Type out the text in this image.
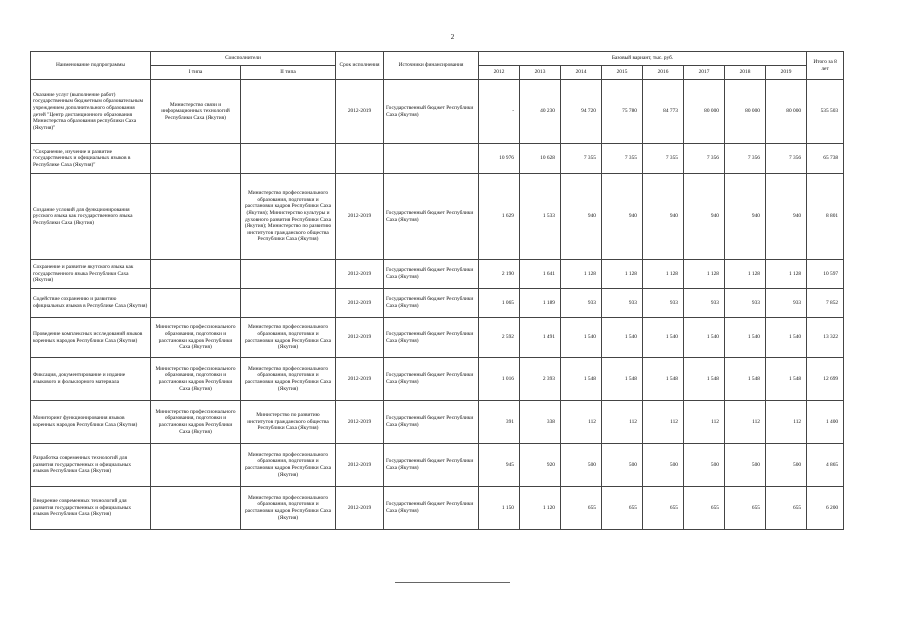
2
Наименование подпрограммы	Соисполнители		Срок исполнения	Источники финансирования	Базовый вариант, тыс. руб.								Итого за 8 лет
	I типа	II типа			2012	2013	2014	2015	2016	2017	2018	2019	
Оказание услуг (выполнение работ) государственным бюджетным образовательным учреждением дополнительного образования детей "Центр дистанционного образования Министерства образования республики Саха (Якутия)"	Министерство связи и информационных технологий Республики Саха (Якутия)		2012-2019	Государственный бюджет Республики Саха (Якутия)	-	40 230	94 720	75 780	84 773	80 000	80 000	80 000	535 503
"Сохранение, изучение и развитие государственных и официальных языков в Республике Саха (Якутия)"					10 976	10 628	7 355	7 355	7 355	7 356	7 356	7 356	65 738
Создание условий для функционирования русского языка как государственного языка Республики Саха (Якутия)		Министерство профессионального образования, подготовки и расстановки кадров Республики Саха (Якутия); Министерство культуры и духовного развития Республики Саха (Якутия); Министерство по развитию институтов гражданского общества Республики Саха (Якутия)	2012-2019	Государственный бюджет Республики Саха (Якутия)	1 629	1 533	940	940	940	940	940	940	8 801
Сохранение и развитие якутского языка как государственного языка Республики Саха (Якутия)			2012-2019	Государственный бюджет Республики Саха (Якутия)	2 190	1 641	1 128	1 128	1 128	1 128	1 128	1 128	10 597
Содействие сохранению и развитию официальных языков в Республике Саха (Якутия)			2012-2019	Государственный бюджет Республики Саха (Якутия)	1 065	1 189	933	933	933	933	933	933	7 852
Проведение комплексных исследований языков коренных народов Республики Саха (Якутия)	Министерство профессионального образования, подготовки и расстановки кадров Республики Саха (Якутия)	Министерство профессионального образования, подготовки и расстановки кадров Республики Саха (Якутия)	2012-2019	Государственный бюджет Республики Саха (Якутия)	2 592	1 491	1 540	1 540	1 540	1 540	1 540	1 540	13 322
Фиксация, документирование и издание языкового и фольклорного материала	Министерство профессионального образования, подготовки и расстановки кадров Республики Саха (Якутия)	Министерство профессионального образования, подготовки и расстановки кадров Республики Саха (Якутия)	2012-2019	Государственный бюджет Республики Саха (Якутия)	1 016	2 393	1 548	1 548	1 548	1 548	1 548	1 548	12 699
Мониторинг функционирования языков коренных народов Республики Саха (Якутия)	Министерство профессионального образования, подготовки и расстановки кадров Республики Саха (Якутия)	Министерство по развитию институтов гражданского общества Республики Саха (Якутия)	2012-2019	Государственный бюджет Республики Саха (Якутия)	391	338	112	112	112	112	112	112	1 400
Разработка современных технологий для развития государственных и официальных языков Республики Саха (Якутия)		Министерство профессионального образования, подготовки и расстановки кадров Республики Саха (Якутия)	2012-2019	Государственный бюджет Республики Саха (Якутия)	945	920	500	500	500	500	500	500	4 865
Внедрение современных технологий для развития государственных и официальных языков Республики Саха (Якутия)		Министерство профессионального образования, подготовки и расстановки кадров Республики Саха (Якутия)	2012-2019	Государственный бюджет Республики Саха (Якутия)	1 150	1 120	655	655	655	655	655	655	6 200
